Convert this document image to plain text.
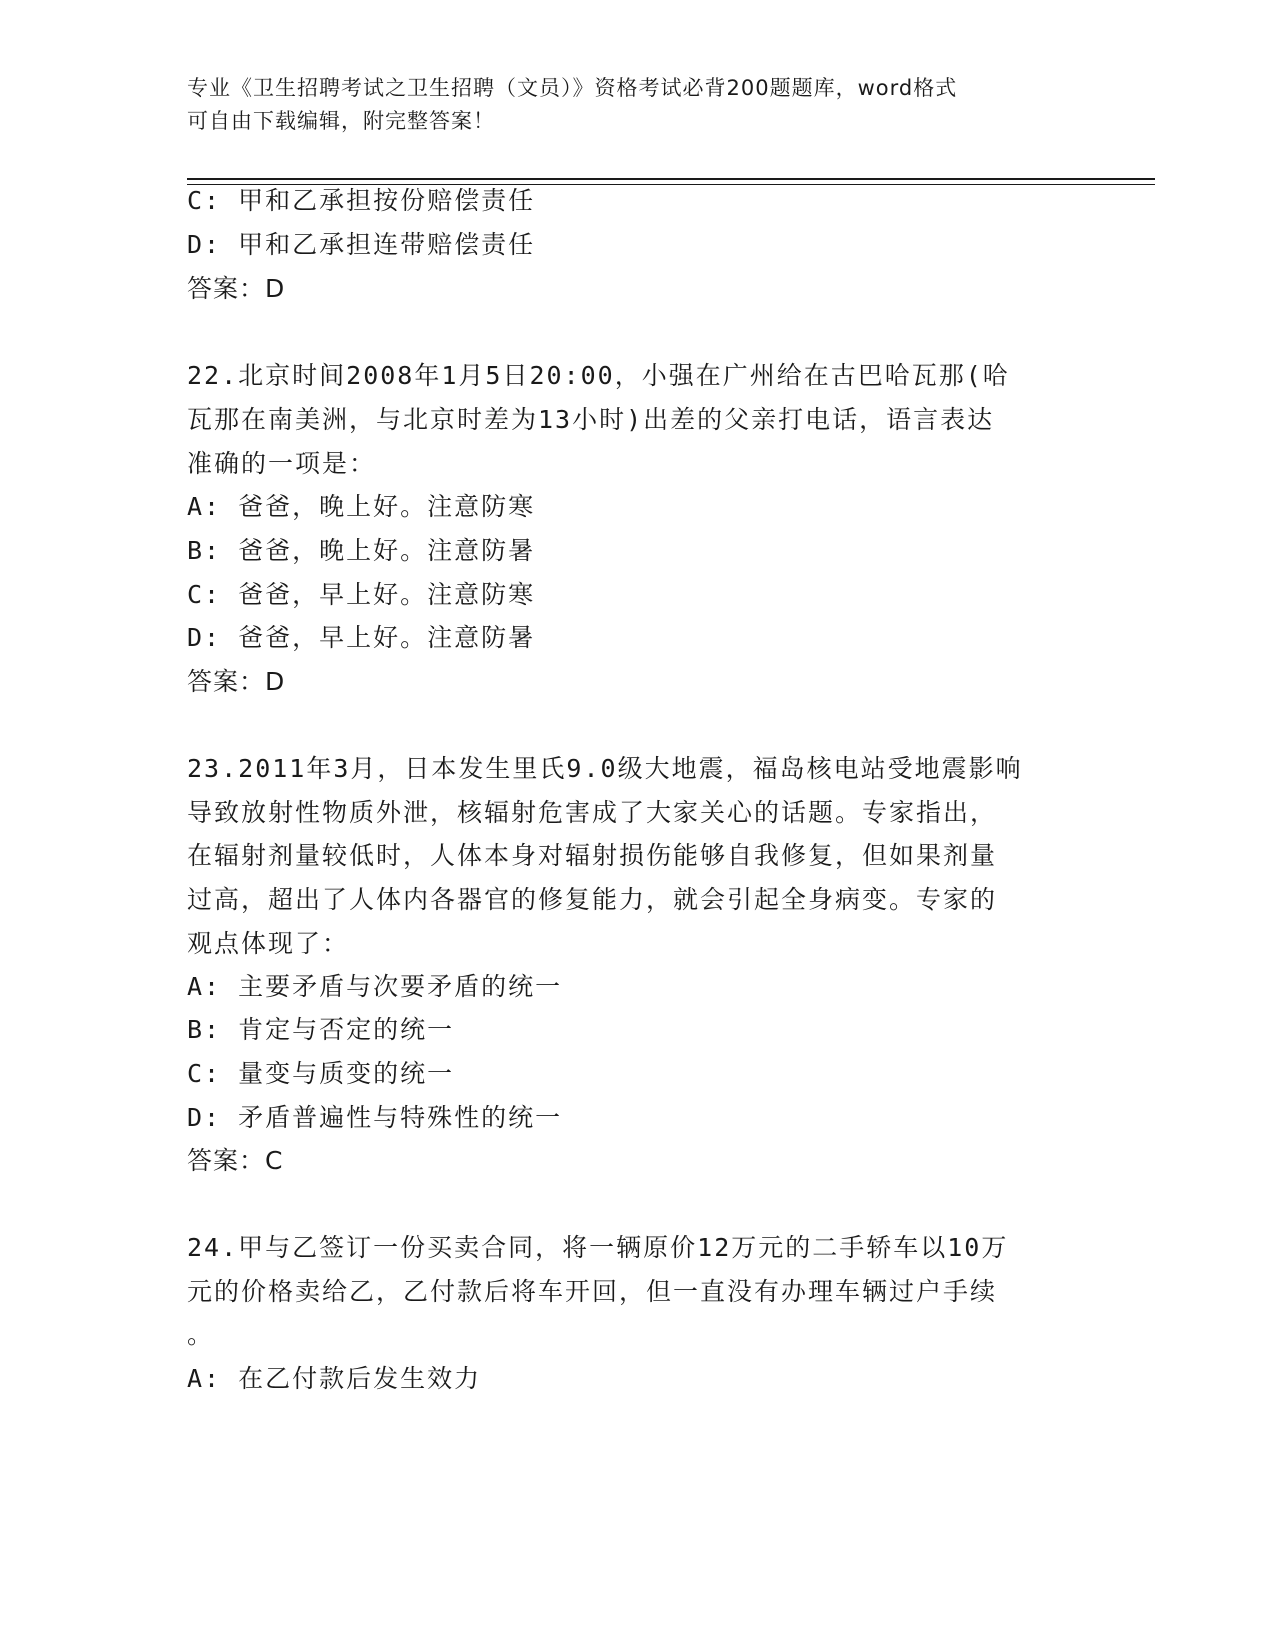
专业《卫生招聘考试之卫生招聘（文员）》资格考试必背200题题库，word格式
可自由下载编辑，附完整答案！
C: 甲和乙承担按份赔偿责任
D: 甲和乙承担连带赔偿责任
答案：D
22.北京时间2008年1月5日20:00，小强在广州给在古巴哈瓦那(哈
瓦那在南美洲，与北京时差为13小时)出差的父亲打电话，语言表达
准确的一项是：
A: 爸爸，晚上好。注意防寒
B: 爸爸，晚上好。注意防暑
C: 爸爸，早上好。注意防寒
D: 爸爸，早上好。注意防暑
答案：D
23.2011年3月，日本发生里氏9.0级大地震，福岛核电站受地震影响
导致放射性物质外泄，核辐射危害成了大家关心的话题。专家指出，
在辐射剂量较低时，人体本身对辐射损伤能够自我修复，但如果剂量
过高，超出了人体内各器官的修复能力，就会引起全身病变。专家的
观点体现了：
A: 主要矛盾与次要矛盾的统一
B: 肯定与否定的统一
C: 量变与质变的统一
D: 矛盾普遍性与特殊性的统一
答案：C
24.甲与乙签订一份买卖合同，将一辆原价12万元的二手轿车以10万
元的价格卖给乙，乙付款后将车开回，但一直没有办理车辆过户手续
。
A: 在乙付款后发生效力
